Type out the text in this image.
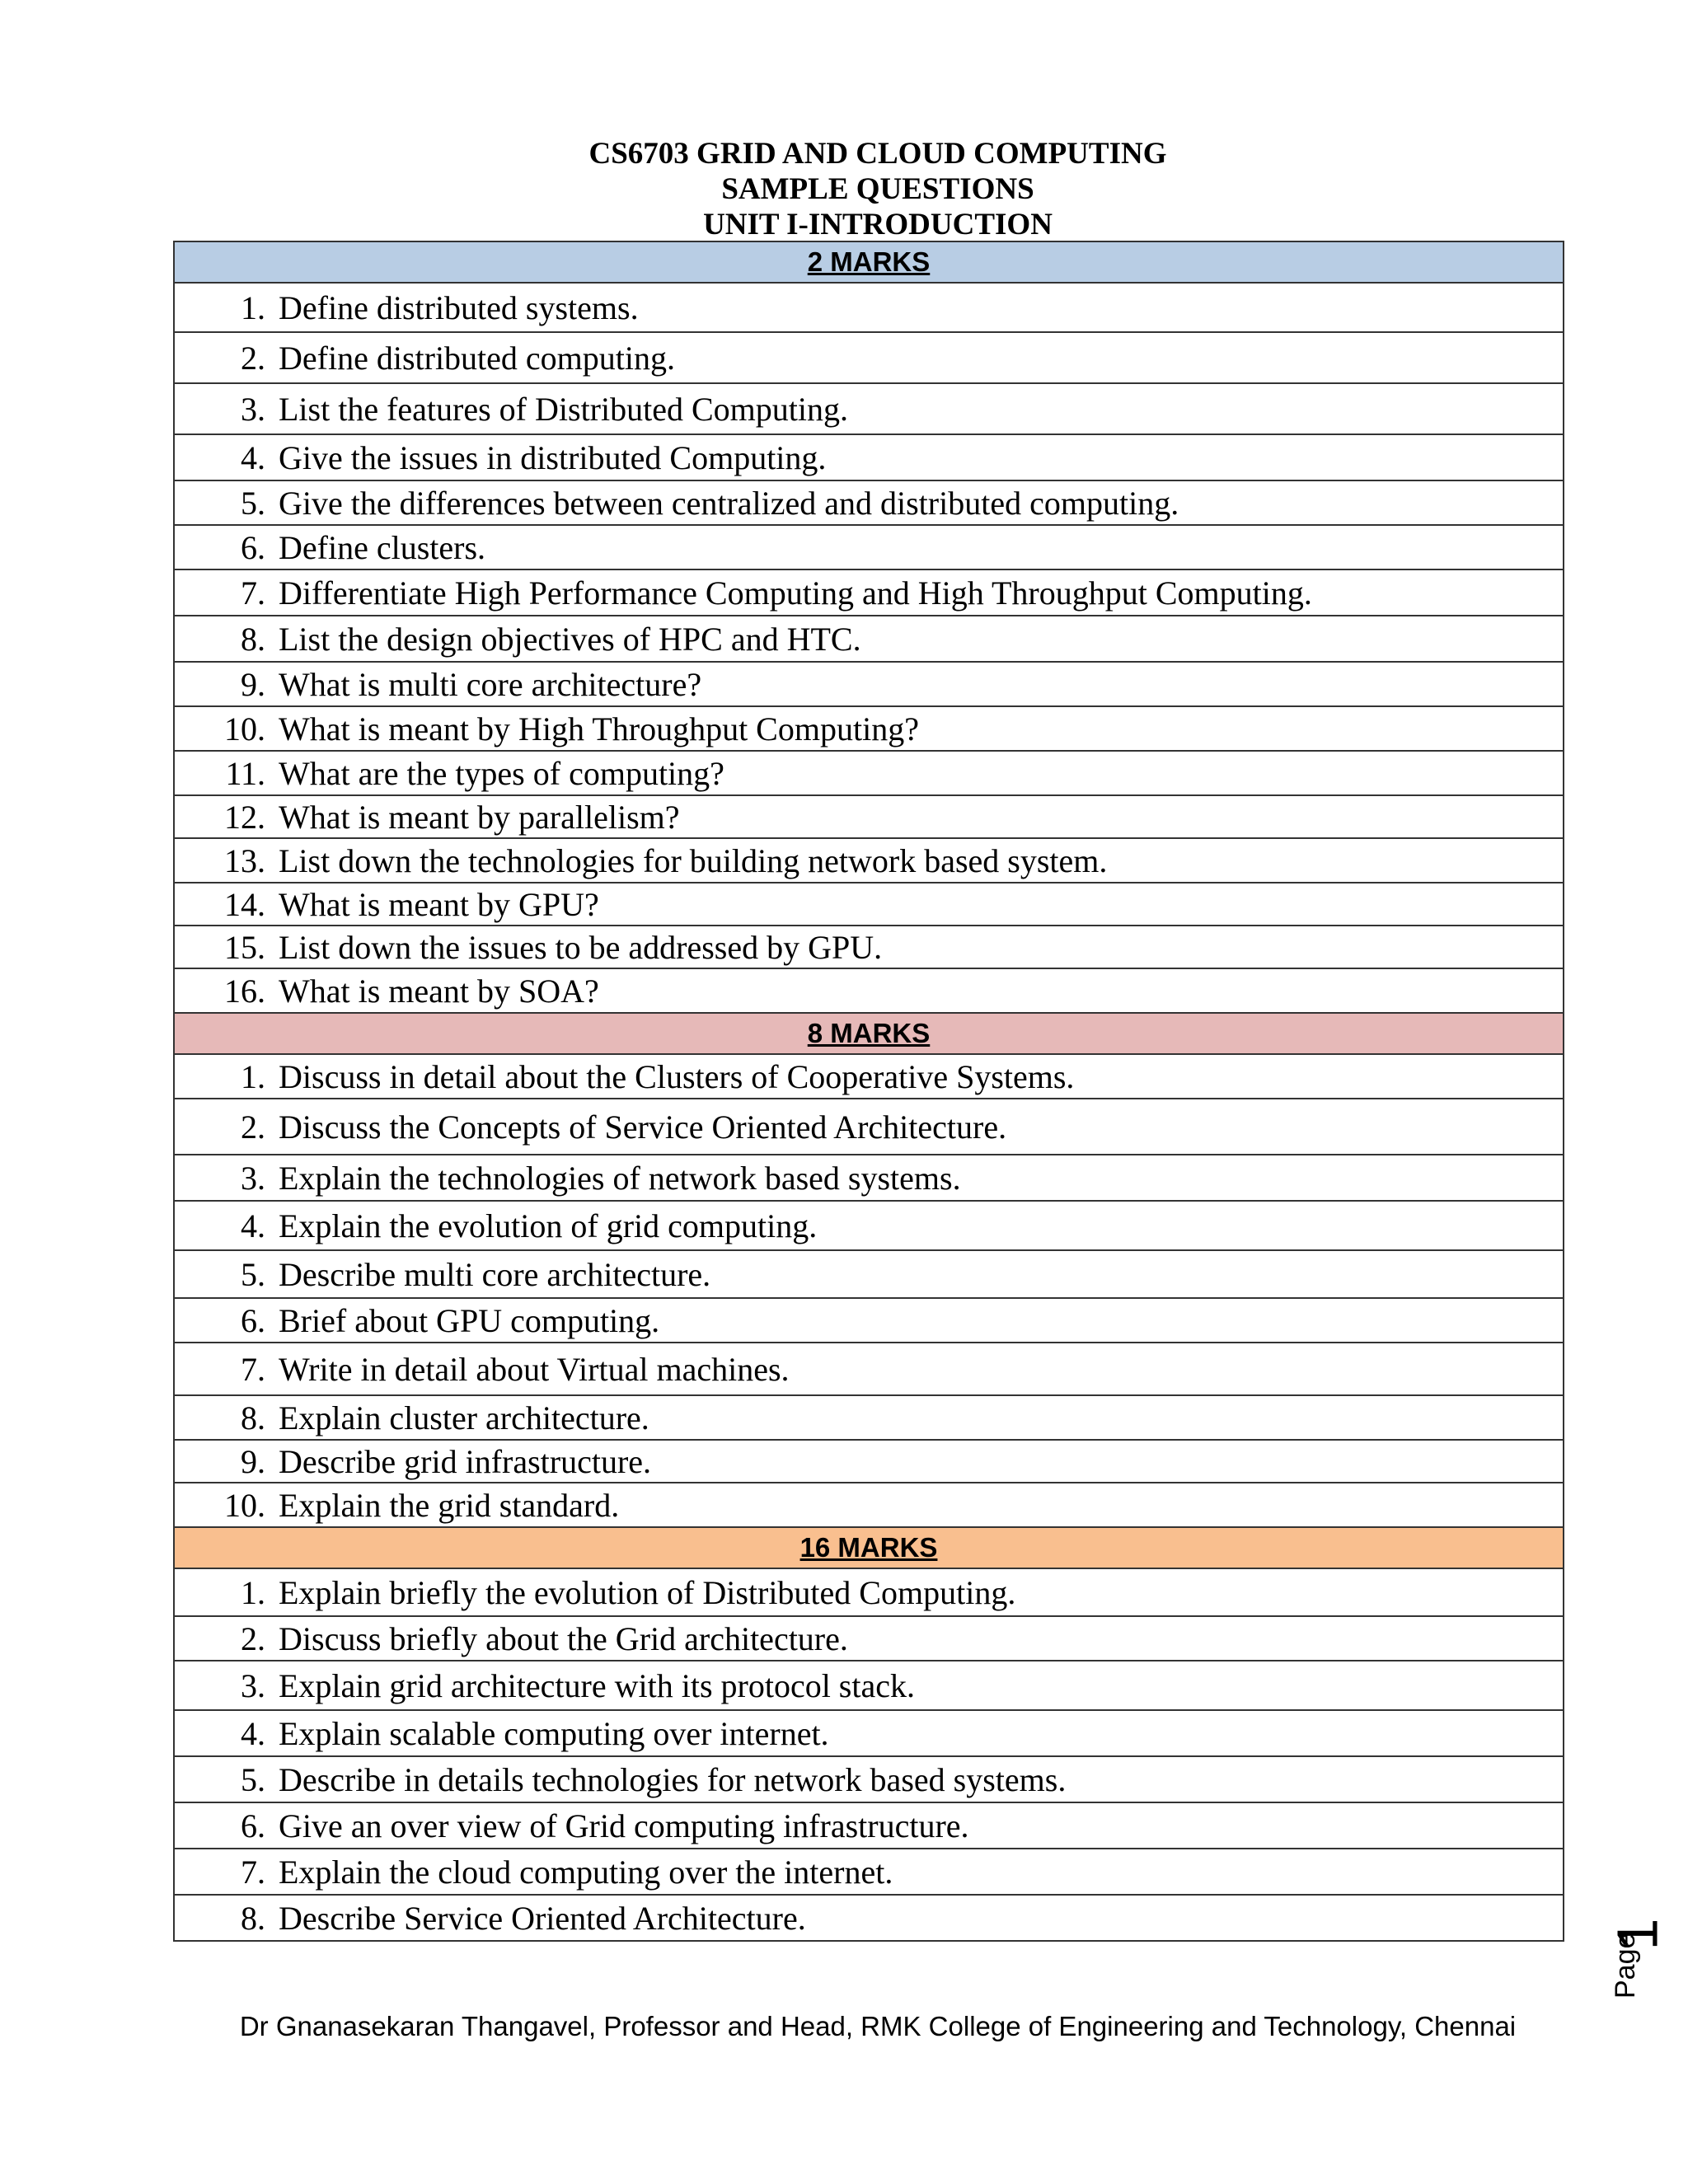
CS6703 GRID AND CLOUD COMPUTING
SAMPLE QUESTIONS
UNIT I-INTRODUCTION
2 MARKS
1. Define distributed systems.
2. Define distributed computing.
3. List the features of Distributed Computing.
4. Give the issues in distributed Computing.
5. Give the differences between centralized and distributed computing.
6. Define clusters.
7. Differentiate High Performance Computing and High Throughput Computing.
8. List the design objectives of HPC and HTC.
9. What is multi core architecture?
10. What is meant by High Throughput Computing?
11. What are the types of computing?
12. What is meant by parallelism?
13. List down the technologies for building network based system.
14. What is meant by GPU?
15. List down the issues to be addressed by GPU.
16. What is meant by SOA?
8 MARKS
1. Discuss in detail about the Clusters of Cooperative Systems.
2. Discuss the Concepts of Service Oriented Architecture.
3. Explain the technologies of network based systems.
4. Explain the evolution of grid computing.
5. Describe multi core architecture.
6. Brief about GPU computing.
7. Write in detail about Virtual machines.
8. Explain cluster architecture.
9. Describe grid infrastructure.
10. Explain the grid standard.
16 MARKS
1. Explain briefly the evolution of Distributed Computing.
2. Discuss briefly about the Grid architecture.
3. Explain grid architecture with its protocol stack.
4. Explain scalable computing over internet.
5. Describe in details technologies for network based systems.
6. Give an over view of Grid computing infrastructure.
7. Explain the cloud computing over the internet.
8. Describe Service Oriented Architecture.
Dr Gnanasekaran Thangavel, Professor and Head, RMK College of Engineering and Technology, Chennai
Page
1
